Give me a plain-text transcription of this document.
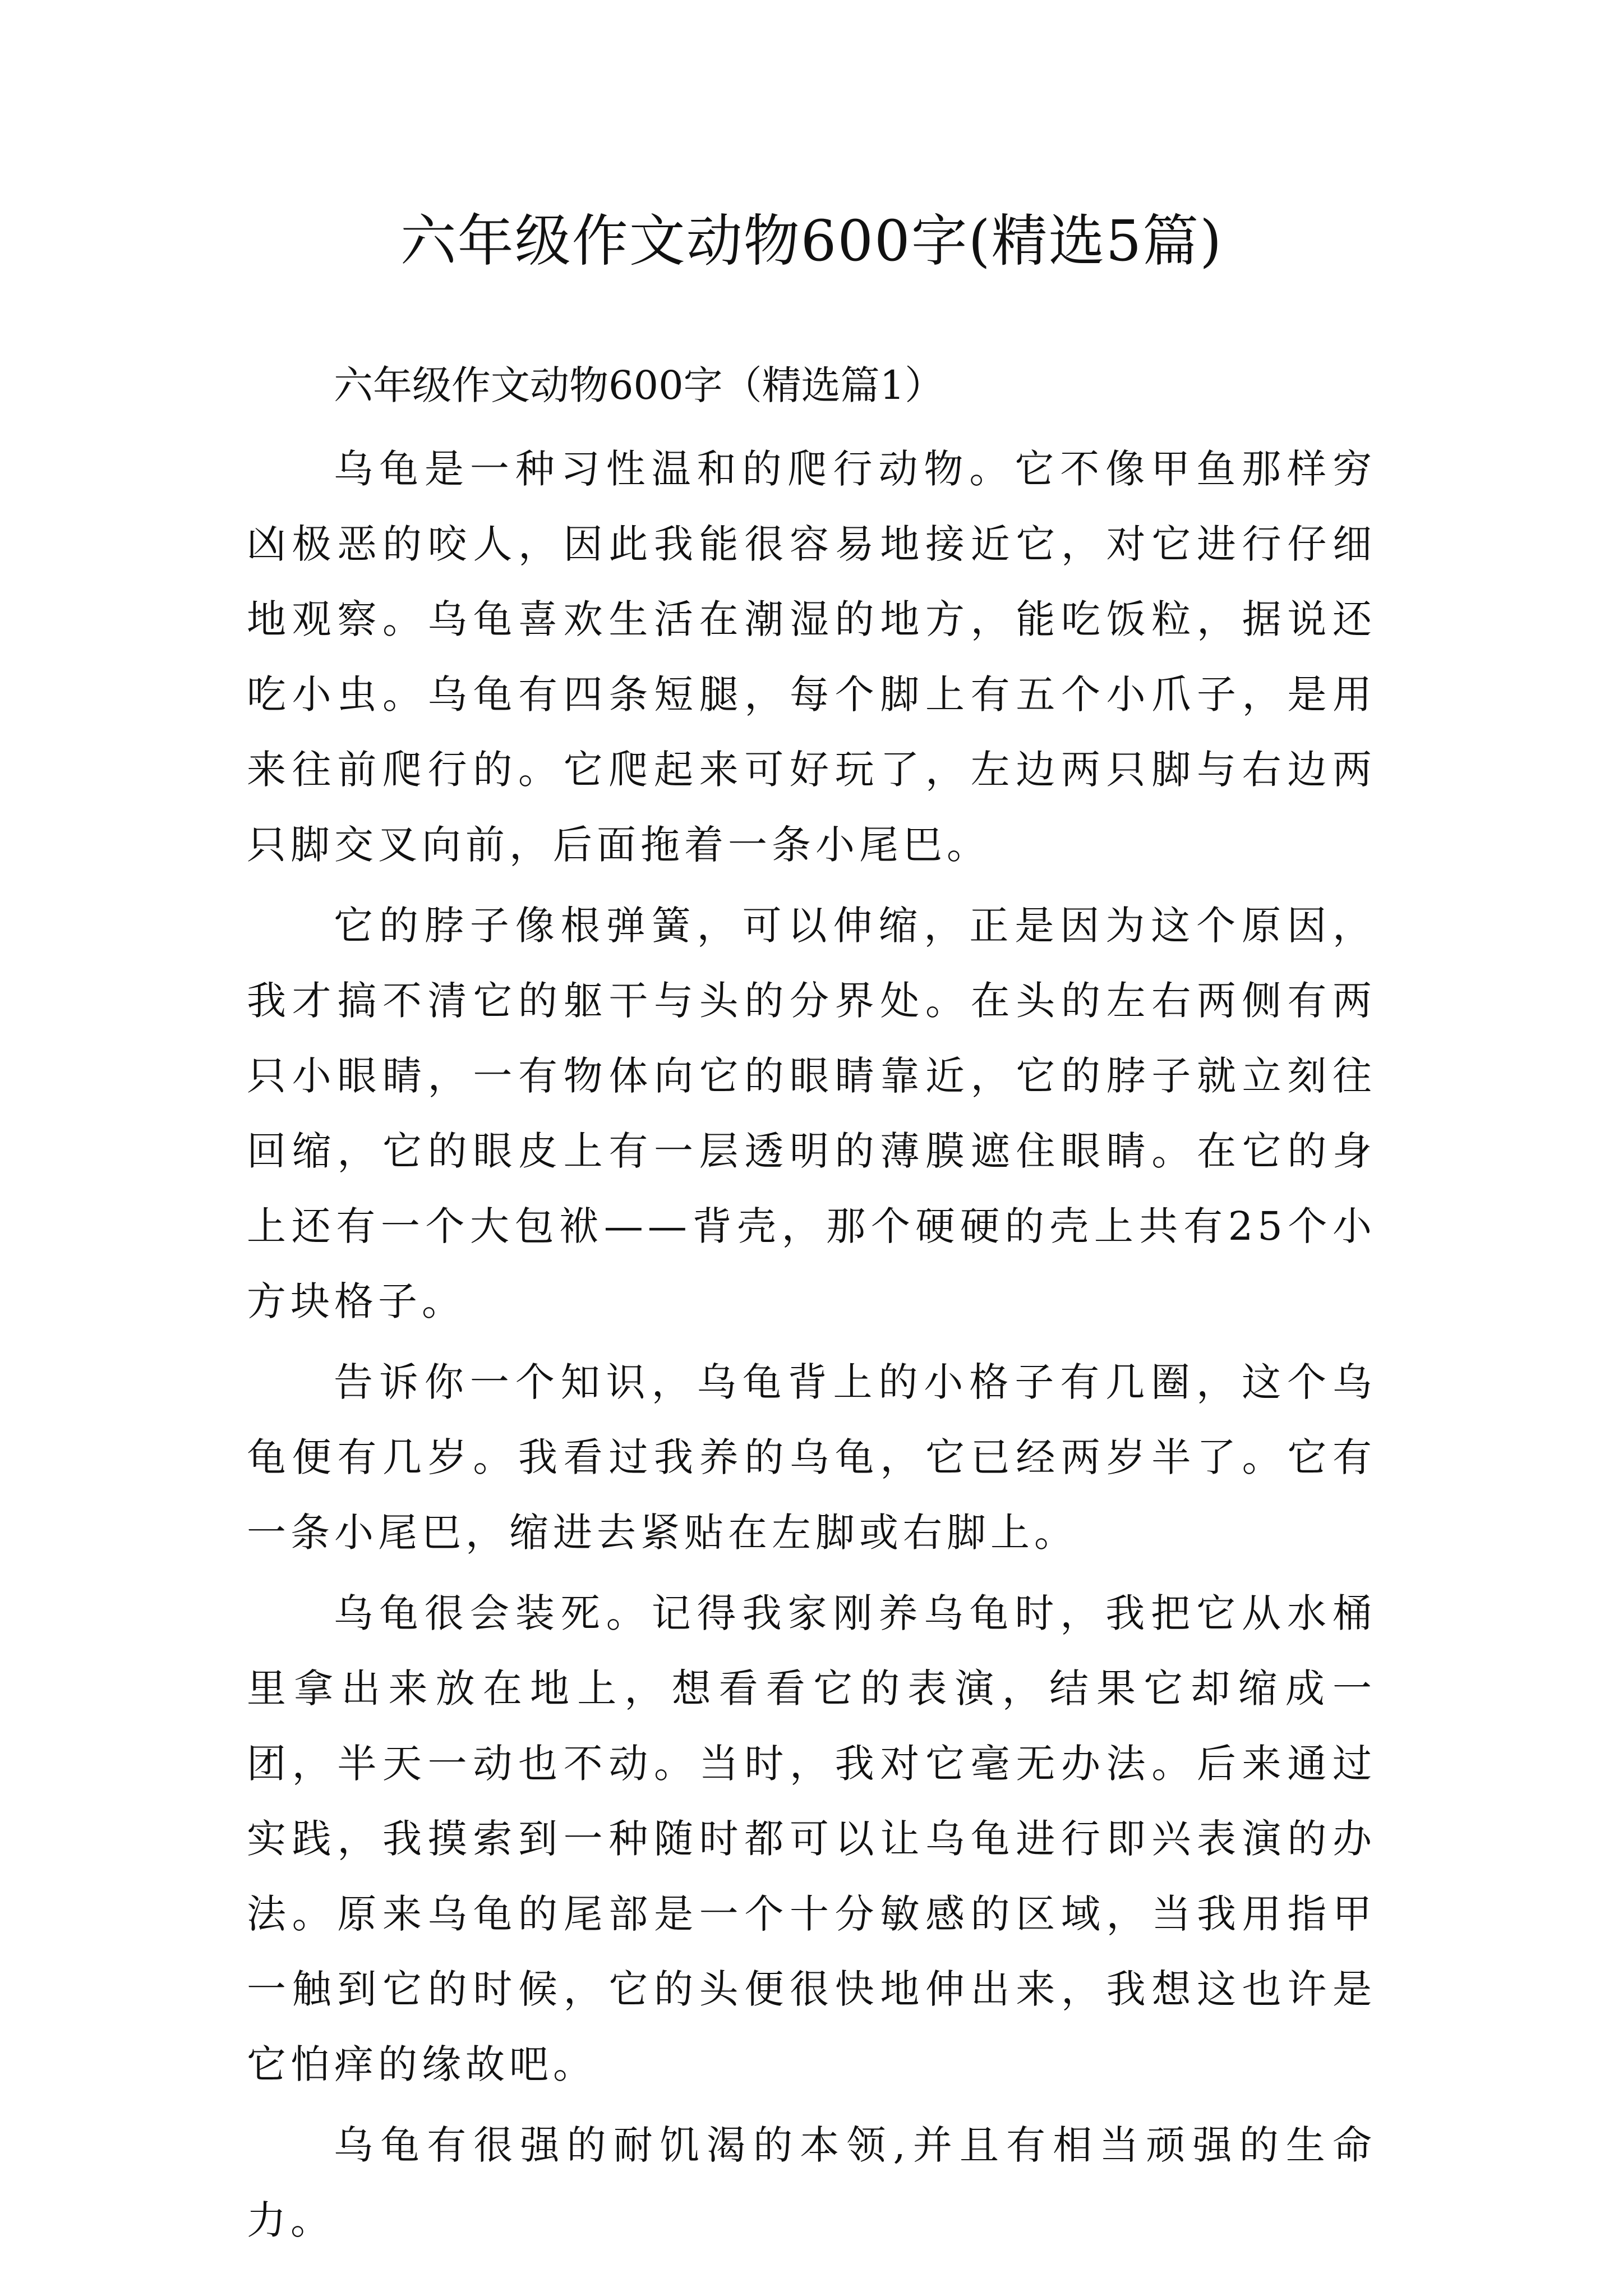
六年级作文动物600字(精选5篇)

六年级作文动物600字（精选篇1）

乌龟是一种习性温和的爬行动物。它不像甲鱼那样穷凶极恶的咬人，因此我能很容易地接近它，对它进行仔细地观察。乌龟喜欢生活在潮湿的地方，能吃饭粒，据说还吃小虫。乌龟有四条短腿，每个脚上有五个小爪子，是用来往前爬行的。它爬起来可好玩了，左边两只脚与右边两只脚交叉向前，后面拖着一条小尾巴。

它的脖子像根弹簧，可以伸缩，正是因为这个原因，我才搞不清它的躯干与头的分界处。在头的左右两侧有两只小眼睛，一有物体向它的眼睛靠近，它的脖子就立刻往回缩，它的眼皮上有一层透明的薄膜遮住眼睛。在它的身上还有一个大包袱——背壳，那个硬硬的壳上共有25个小方块格子。

告诉你一个知识，乌龟背上的小格子有几圈，这个乌龟便有几岁。我看过我养的乌龟，它已经两岁半了。它有一条小尾巴，缩进去紧贴在左脚或右脚上。

乌龟很会装死。记得我家刚养乌龟时，我把它从水桶里拿出来放在地上，想看看它的表演，结果它却缩成一团，半天一动也不动。当时，我对它毫无办法。后来通过实践，我摸索到一种随时都可以让乌龟进行即兴表演的办法。原来乌龟的尾部是一个十分敏感的区域，当我用指甲一触到它的时候，它的头便很快地伸出来，我想这也许是它怕痒的缘故吧。

乌龟有很强的耐饥渴的本领,并且有相当顽强的生命力。
